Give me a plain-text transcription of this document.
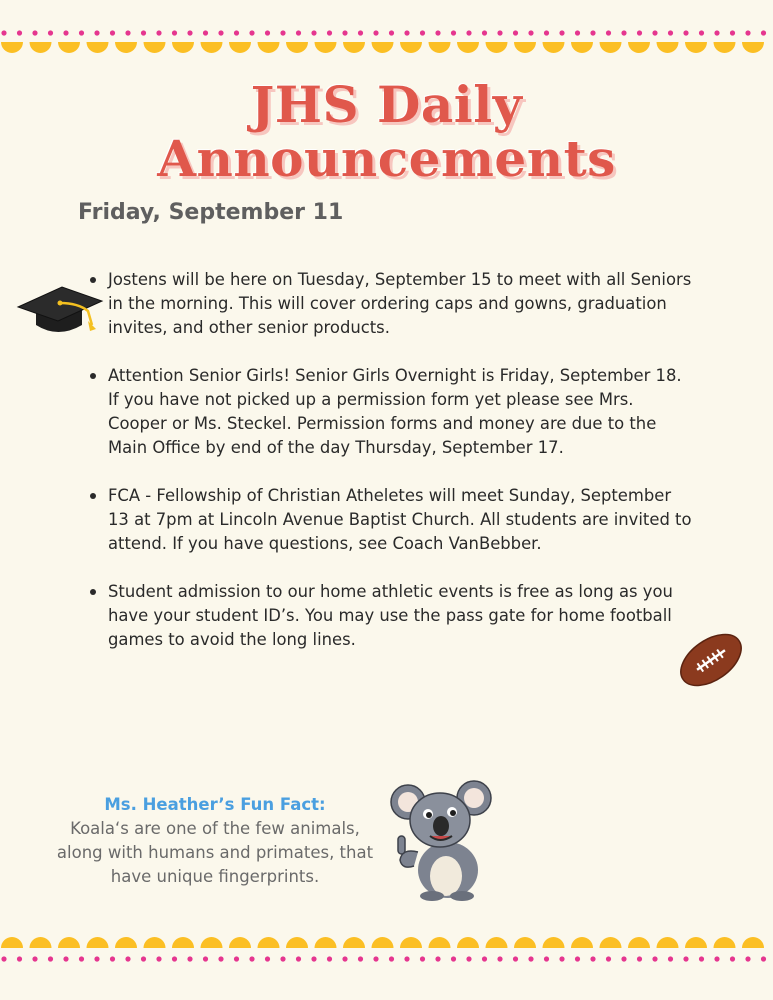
JHS Daily
Announcements
Friday, September 11
Jostens will be here on Tuesday, September 15 to meet with all Seniors in the morning. This will cover ordering caps and gowns, graduation invites, and other senior products.
Attention Senior Girls! Senior Girls Overnight is Friday, September 18. If you have not picked up a permission form yet please see Mrs. Cooper or Ms. Steckel. Permission forms and money are due to the Main Office by end of the day Thursday, September 17.
FCA - Fellowship of Christian Atheletes will meet Sunday, September 13 at 7pm at Lincoln Avenue Baptist Church. All students are invited to attend. If you have questions, see Coach VanBebber.
Student admission to our home athletic events is free as long as you have your student ID’s. You may use the pass gate for home football games to avoid the long lines.
Ms. Heather’s Fun Fact:
Koala‘s are one of the few animals, along with humans and primates, that have unique fingerprints.
